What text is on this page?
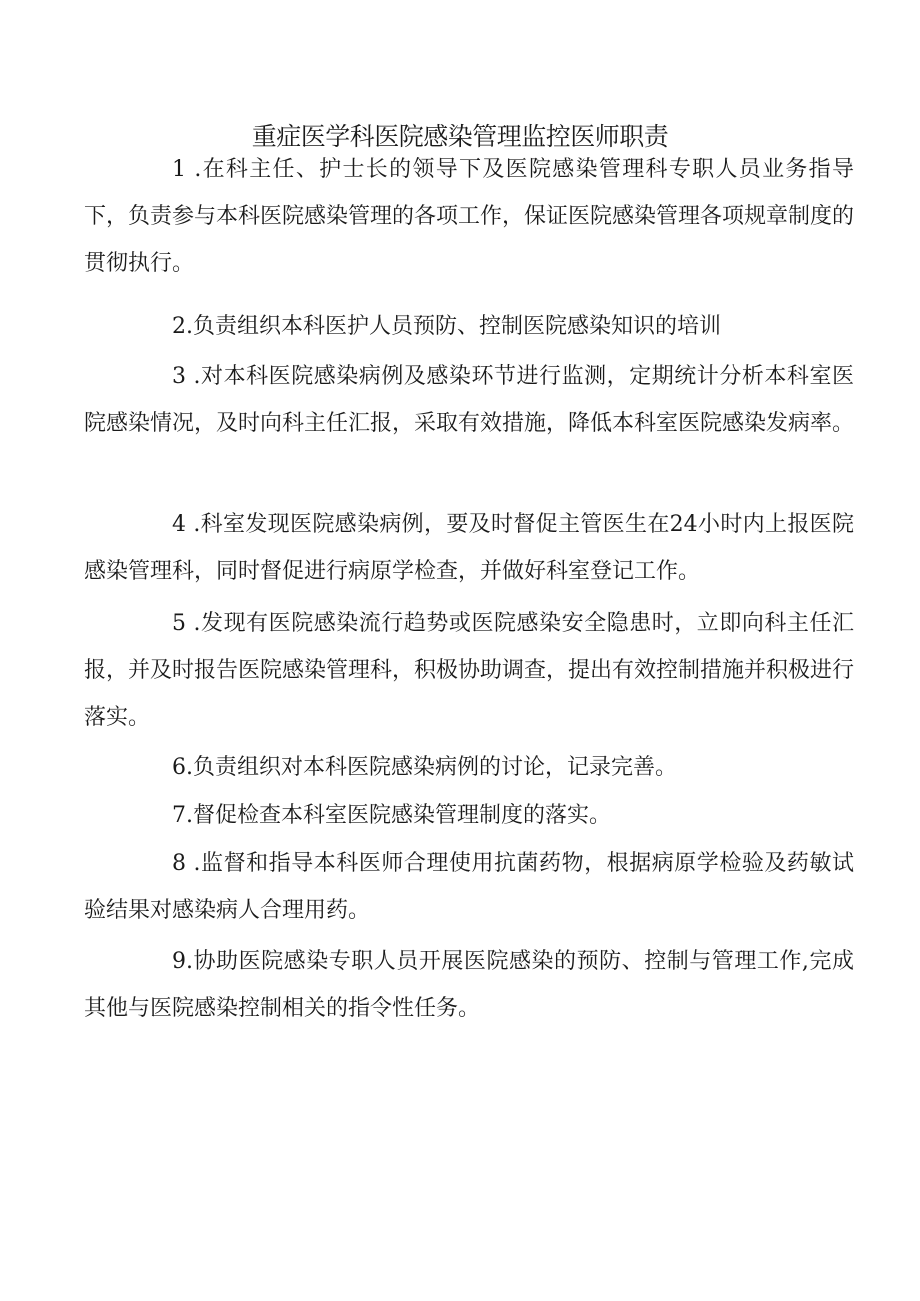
重症医学科医院感染管理监控医师职责

1 .在科主任、护士长的领导下及医院感染管理科专职人员业务指导下，负责参与本科医院感染管理的各项工作，保证医院感染管理各项规章制度的贯彻执行。

2.负责组织本科医护人员预防、控制医院感染知识的培训

3 .对本科医院感染病例及感染环节进行监测，定期统计分析本科室医院感染情况，及时向科主任汇报，采取有效措施，降低本科室医院感染发病率。

4 .科室发现医院感染病例，要及时督促主管医生在24小时内上报医院感染管理科，同时督促进行病原学检查，并做好科室登记工作。

5 .发现有医院感染流行趋势或医院感染安全隐患时，立即向科主任汇报，并及时报告医院感染管理科，积极协助调查，提出有效控制措施并积极进行落实。

6.负责组织对本科医院感染病例的讨论，记录完善。

7.督促检查本科室医院感染管理制度的落实。

8 .监督和指导本科医师合理使用抗菌药物，根据病原学检验及药敏试验结果对感染病人合理用药。

9.协助医院感染专职人员开展医院感染的预防、控制与管理工作,完成其他与医院感染控制相关的指令性任务。
